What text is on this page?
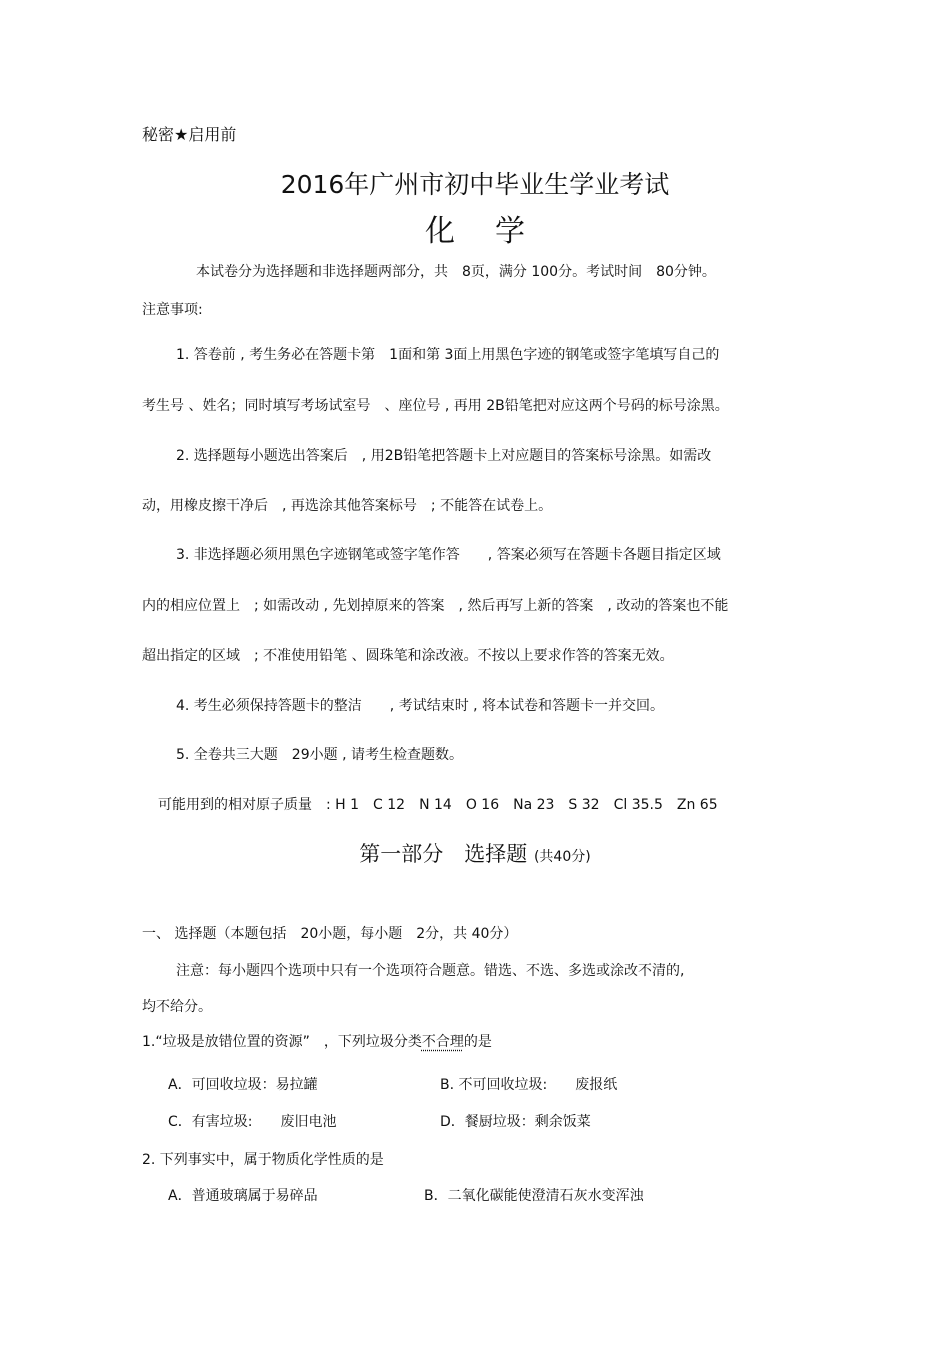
秘密★启用前
2016年广州市初中毕业生学业考试
化学
本试卷分为选择题和非选择题两部分，共　8页，满分 100分。考试时间　80分钟。
注意事项:
1. 答卷前 , 考生务必在答题卡第　1面和第 3面上用黑色字迹的钢笔或签字笔填写自己的
考生号 、姓名；同时填写考场试室号　、座位号 , 再用 2B铅笔把对应这两个号码的标号涂黑。
2. 选择题每小题选出答案后　, 用2B铅笔把答题卡上对应题目的答案标号涂黑。如需改
动，用橡皮擦干净后　, 再选涂其他答案标号　; 不能答在试卷上。
3. 非选择题必须用黑色字迹钢笔或签字笔作答　　, 答案必须写在答题卡各题目指定区域
内的相应位置上　; 如需改动 , 先划掉原来的答案　, 然后再写上新的答案　, 改动的答案也不能
超出指定的区域　; 不准使用铅笔 、圆珠笔和涂改液。不按以上要求作答的答案无效。
4. 考生必须保持答题卡的整洁　　, 考试结束时 , 将本试卷和答题卡一并交回。
5. 全卷共三大题　29小题 , 请考生检查题数。
可能用到的相对原子质量　: H 1　C 12　N 14　O 16　Na 23　S 32　Cl 35.5　Zn 65
第一部分　选择题 (共40分)
一、 选择题（本题包括　20小题，每小题　2分，共 40分）
注意：每小题四个选项中只有一个选项符合题意。错选、不选、多选或涂改不清的,
均不给分。
1.“垃圾是放错位置的资源”　，下列垃圾分类不合理的是
A．可回收垃圾：易拉罐	B. 不可回收垃圾:　　废报纸
C．有害垃圾:　　废旧电池	D．餐厨垃圾：剩余饭菜
2. 下列事实中，属于物质化学性质的是
A．普通玻璃属于易碎品	B．二氧化碳能使澄清石灰水变浑浊
